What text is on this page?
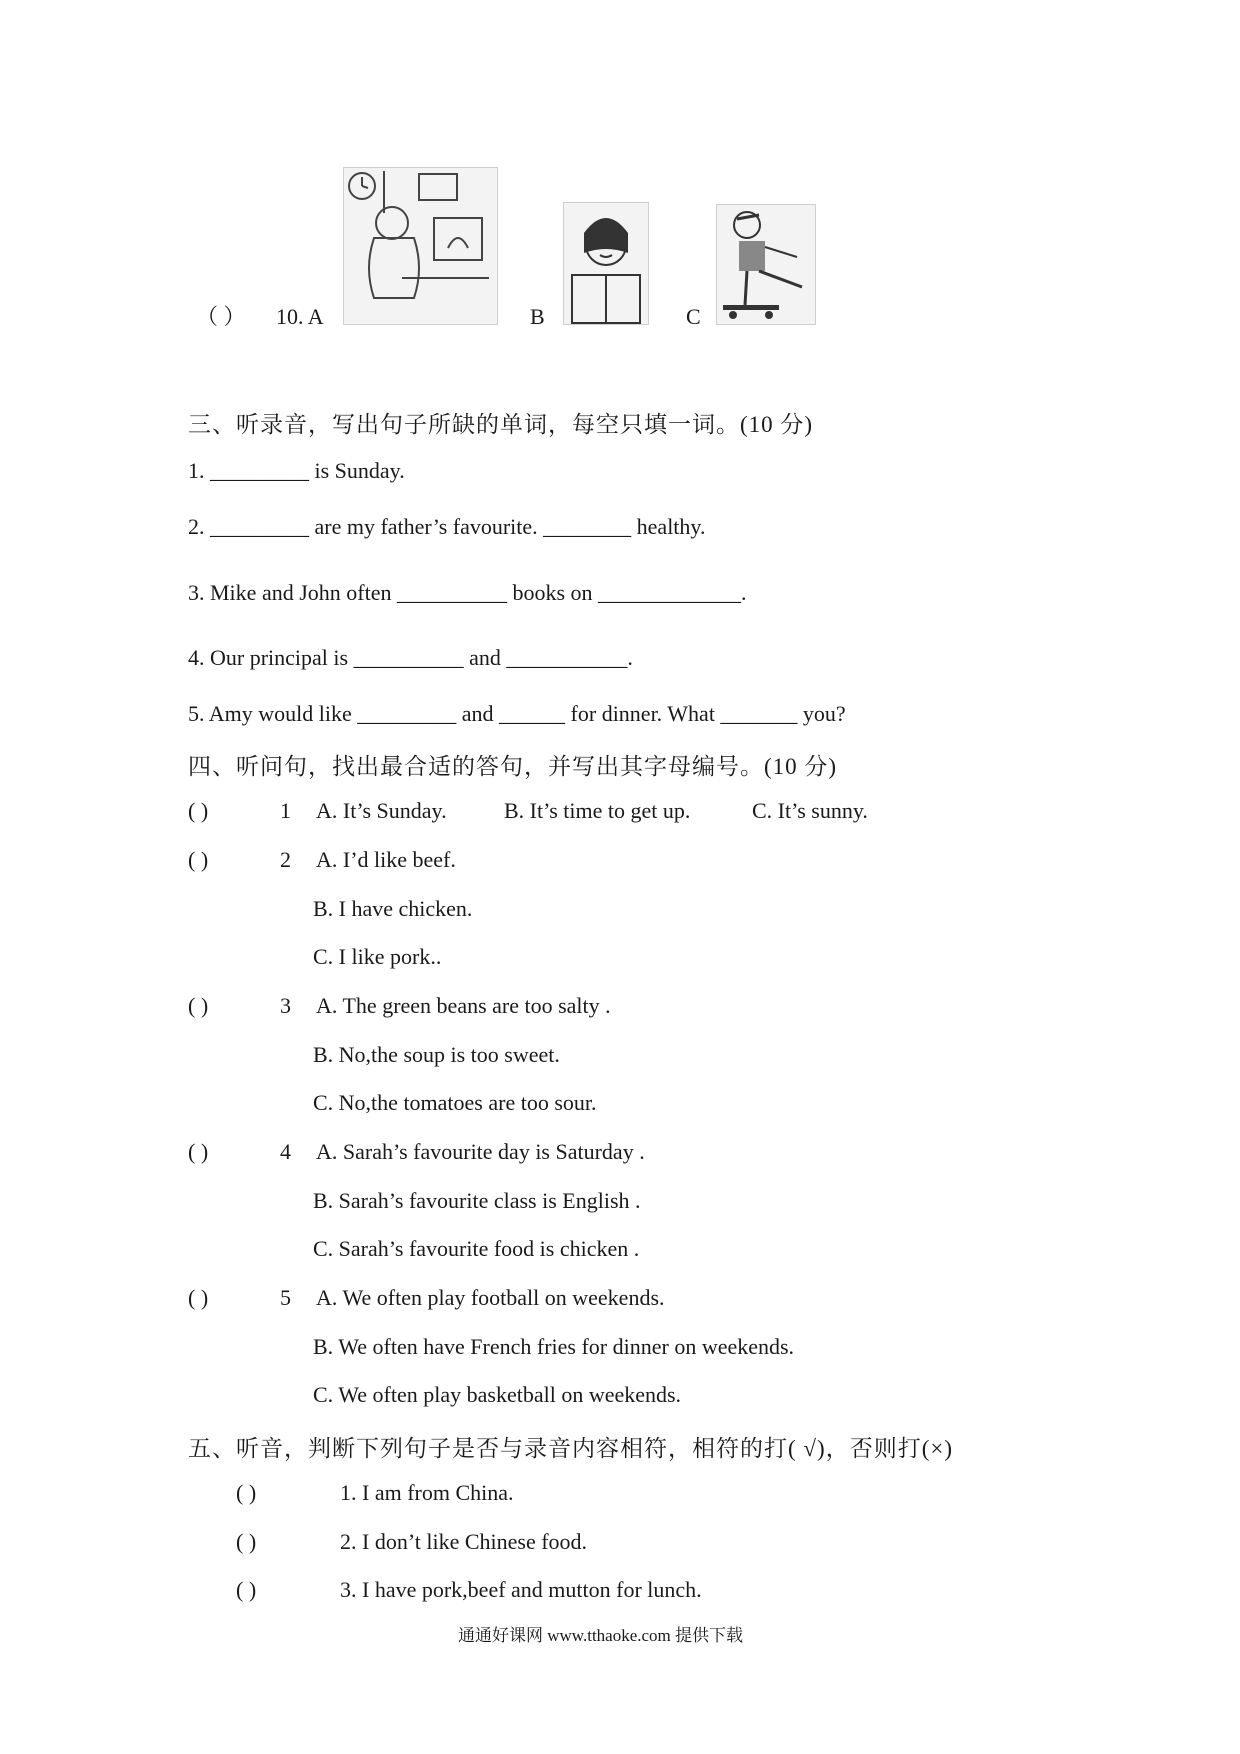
（ ） 10. A	B	C
三、听录音，写出句子所缺的单词，每空只填一词。(10 分)
1. _________ is Sunday.
2. _________ are my father’s favourite. ________ healthy.
3. Mike and John often __________ books on _____________.
4. Our principal is __________ and ___________.
5. Amy would like _________ and ______ for dinner. What _______ you?
四、听问句，找出最合适的答句，并写出其字母编号。(10 分)
( )	1 A. It’s Sunday.	B. It’s time to get up.	C. It’s sunny.
( )	2 A. I’d like beef.
B. I have chicken.
C. I like pork..
( )	3 A. The green beans are too salty .
B. No,the soup is too sweet.
C. No,the tomatoes are too sour.
( )	4 A. Sarah’s favourite day is Saturday .
B. Sarah’s favourite class is English .
C. Sarah’s favourite food is chicken .
( )	5 A. We often play football on weekends.
B. We often have French fries for dinner on weekends.
C. We often play basketball on weekends.
五、听音，判断下列句子是否与录音内容相符，相符的打( √)，否则打(×)
( )	1. I am from China.
( )	2. I don’t like Chinese food.
( )	3. I have pork,beef and mutton for lunch.
通通好课网 www.tthaoke.com 提供下载
